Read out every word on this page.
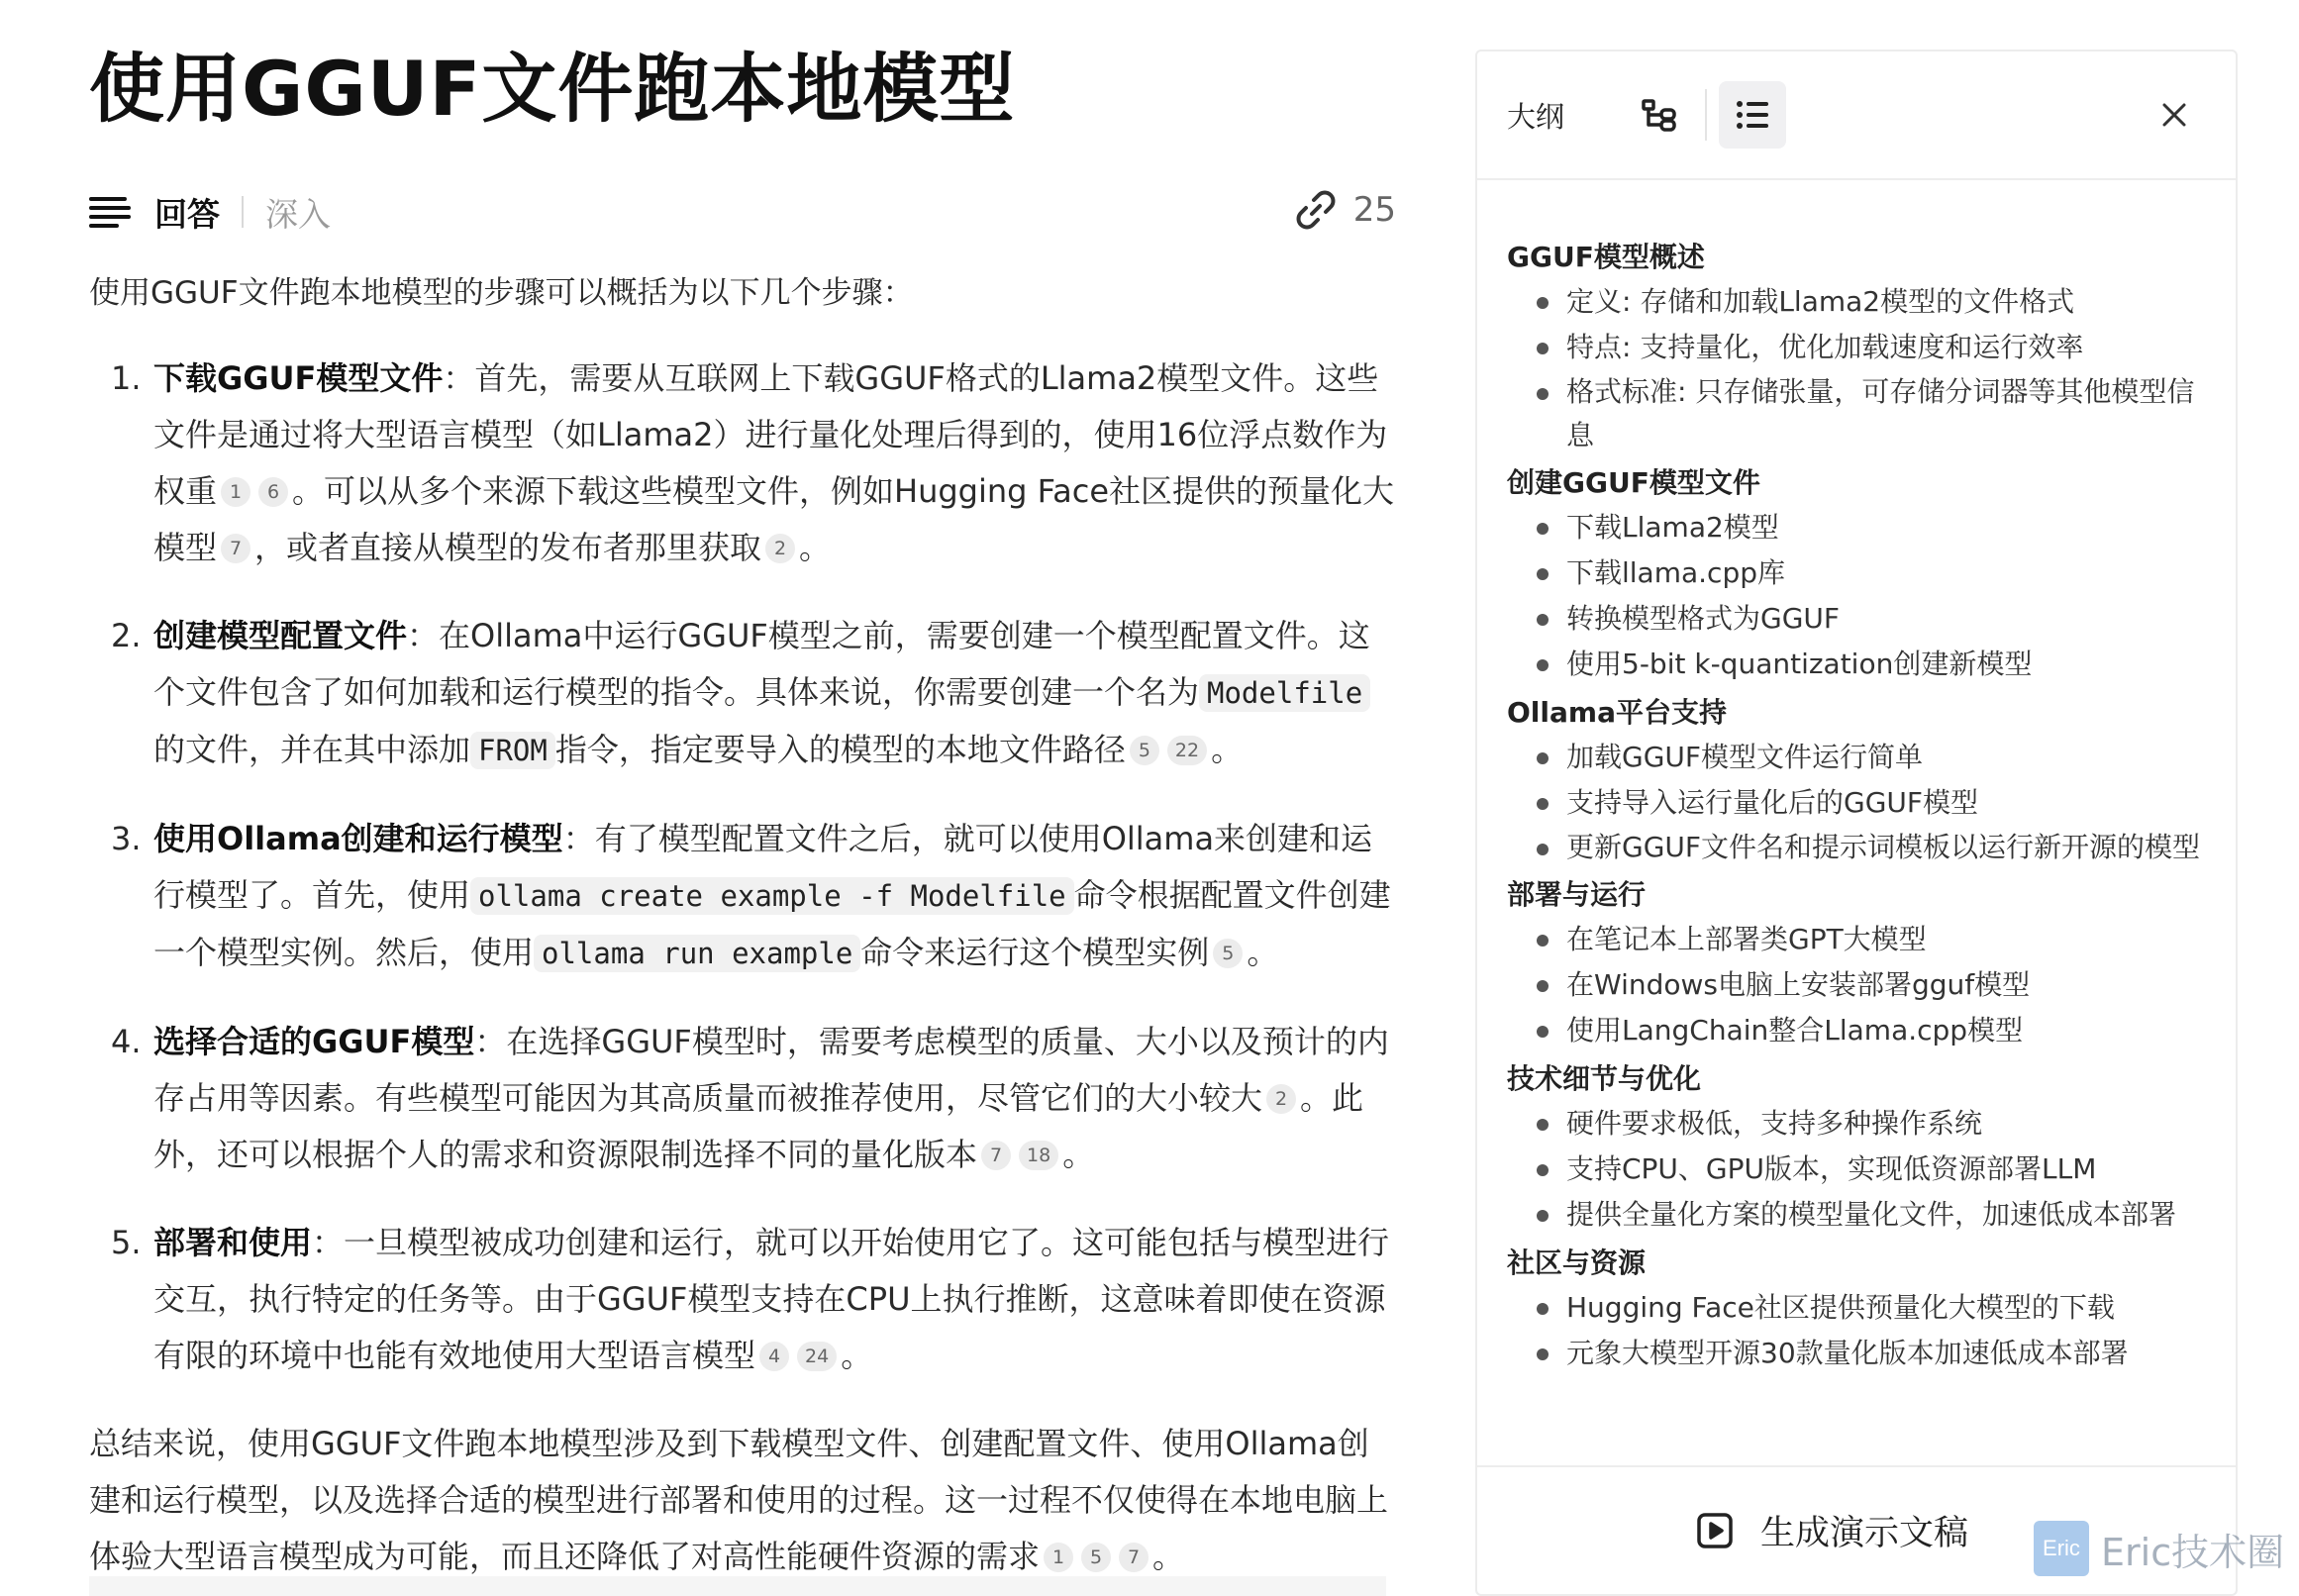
使用GGUF文件跑本地模型
回答 深入	25

使用GGUF文件跑本地模型的步骤可以概括为以下几个步骤：

1. 下载GGUF模型文件：首先，需要从互联网上下载GGUF格式的Llama2模型文件。这些文件是通过将大型语言模型（如Llama2）进行量化处理后得到的，使用16位浮点数作为权重 1 6 。可以从多个来源下载这些模型文件，例如Hugging Face社区提供的预量化大模型 7 ，或者直接从模型的发布者那里获取 2 。
2. 创建模型配置文件：在Ollama中运行GGUF模型之前，需要创建一个模型配置文件。这个文件包含了如何加载和运行模型的指令。具体来说，你需要创建一个名为 Modelfile的文件，并在其中添加 FROM 指令，指定要导入的模型的本地文件路径 5 22 。
3. 使用Ollama创建和运行模型：有了模型配置文件之后，就可以使用Ollama来创建和运行模型了。首先，使用 ollama create example -f Modelfile 命令根据配置文件创建一个模型实例。然后，使用 ollama run example 命令来运行这个模型实例 5 。
4. 选择合适的GGUF模型：在选择GGUF模型时，需要考虑模型的质量、大小以及预计的内存占用等因素。有些模型可能因为其高质量而被推荐使用，尽管它们的大小较大 2 。此外，还可以根据个人的需求和资源限制选择不同的量化版本 7 18 。
5. 部署和使用：一旦模型被成功创建和运行，就可以开始使用它了。这可能包括与模型进行交互，执行特定的任务等。由于GGUF模型支持在CPU上执行推断，这意味着即使在资源有限的环境中也能有效地使用大型语言模型 4 24 。

总结来说，使用GGUF文件跑本地模型涉及到下载模型文件、创建配置文件、使用Ollama创建和运行模型，以及选择合适的模型进行部署和使用的过程。这一过程不仅使得在本地电脑上体验大型语言模型成为可能，而且还降低了对高性能硬件资源的需求 1 5 7 。

大纲
GGUF模型概述
定义: 存储和加载Llama2模型的文件格式
特点: 支持量化，优化加载速度和运行效率
格式标准: 只存储张量，可存储分词器等其他模型信息
创建GGUF模型文件
下载Llama2模型
下载llama.cpp库
转换模型格式为GGUF
使用5-bit k-quantization创建新模型
Ollama平台支持
加载GGUF模型文件运行简单
支持导入运行量化后的GGUF模型
更新GGUF文件名和提示词模板以运行新开源的模型
部署与运行
在笔记本上部署类GPT大模型
在Windows电脑上安装部署gguf模型
使用LangChain整合Llama.cpp模型
技术细节与优化
硬件要求极低，支持多种操作系统
支持CPU、GPU版本，实现低资源部署LLM
提供全量化方案的模型量化文件，加速低成本部署
社区与资源
Hugging Face社区提供预量化大模型的下载
元象大模型开源30款量化版本加速低成本部署
生成演示文稿	Eric Eric技术圈
